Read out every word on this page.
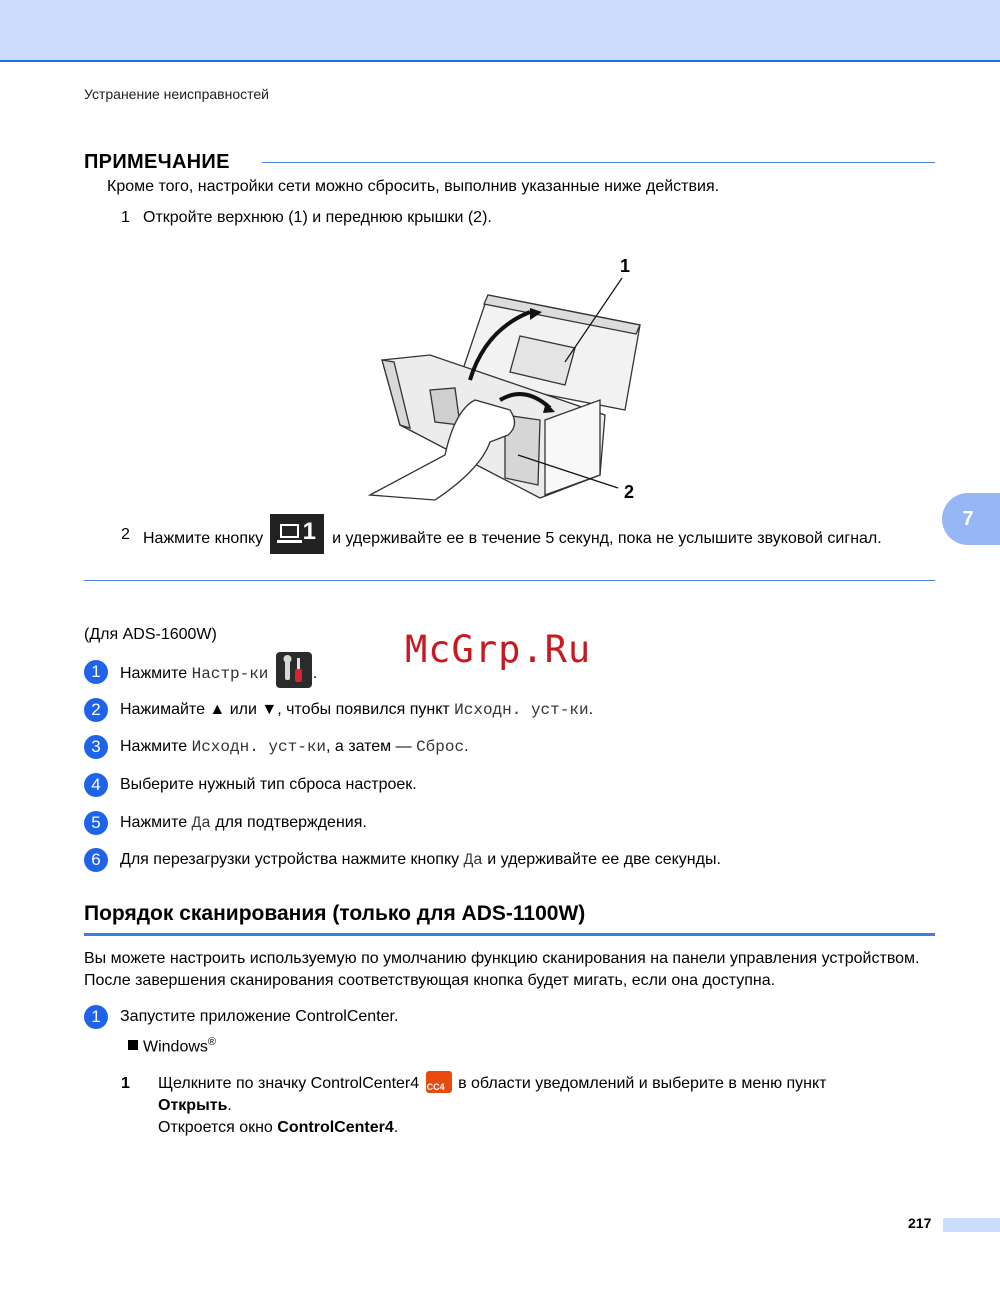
Устранение неисправностей
ПРИМЕЧАНИЕ
Кроме того, настройки сети можно сбросить, выполнив указанные ниже действия.
1 Откройте верхнюю (1) и переднюю крышки (2).
1
2
2 Нажмите кнопку 1 и удерживайте ее в течение 5 секунд, пока не услышите звуковой сигнал.
7
(Для ADS-1600W)	McGrp.Ru
1	Нажмите Настр-ки	.
2	Нажимайте ▲ или ▼, чтобы появился пункт Исходн. уст-ки.
3	Нажмите Исходн. уст-ки, а затем — Сброс.
4	Выберите нужный тип сброса настроек.
5	Нажмите Да для подтверждения.
6	Для перезагрузки устройства нажмите кнопку Да и удерживайте ее две секунды.
Порядок сканирования (только для ADS-1100W)
Вы можете настроить используемую по умолчанию функцию сканирования на панели управления устройством. После завершения сканирования соответствующая кнопка будет мигать, если она доступна.
1	Запустите приложение ControlCenter.
Windows®
1 Щелкните по значку ControlCenter4 CC4 в области уведомлений и выберите в меню пункт
Открыть.
Откроется окно ControlCenter4.
217
